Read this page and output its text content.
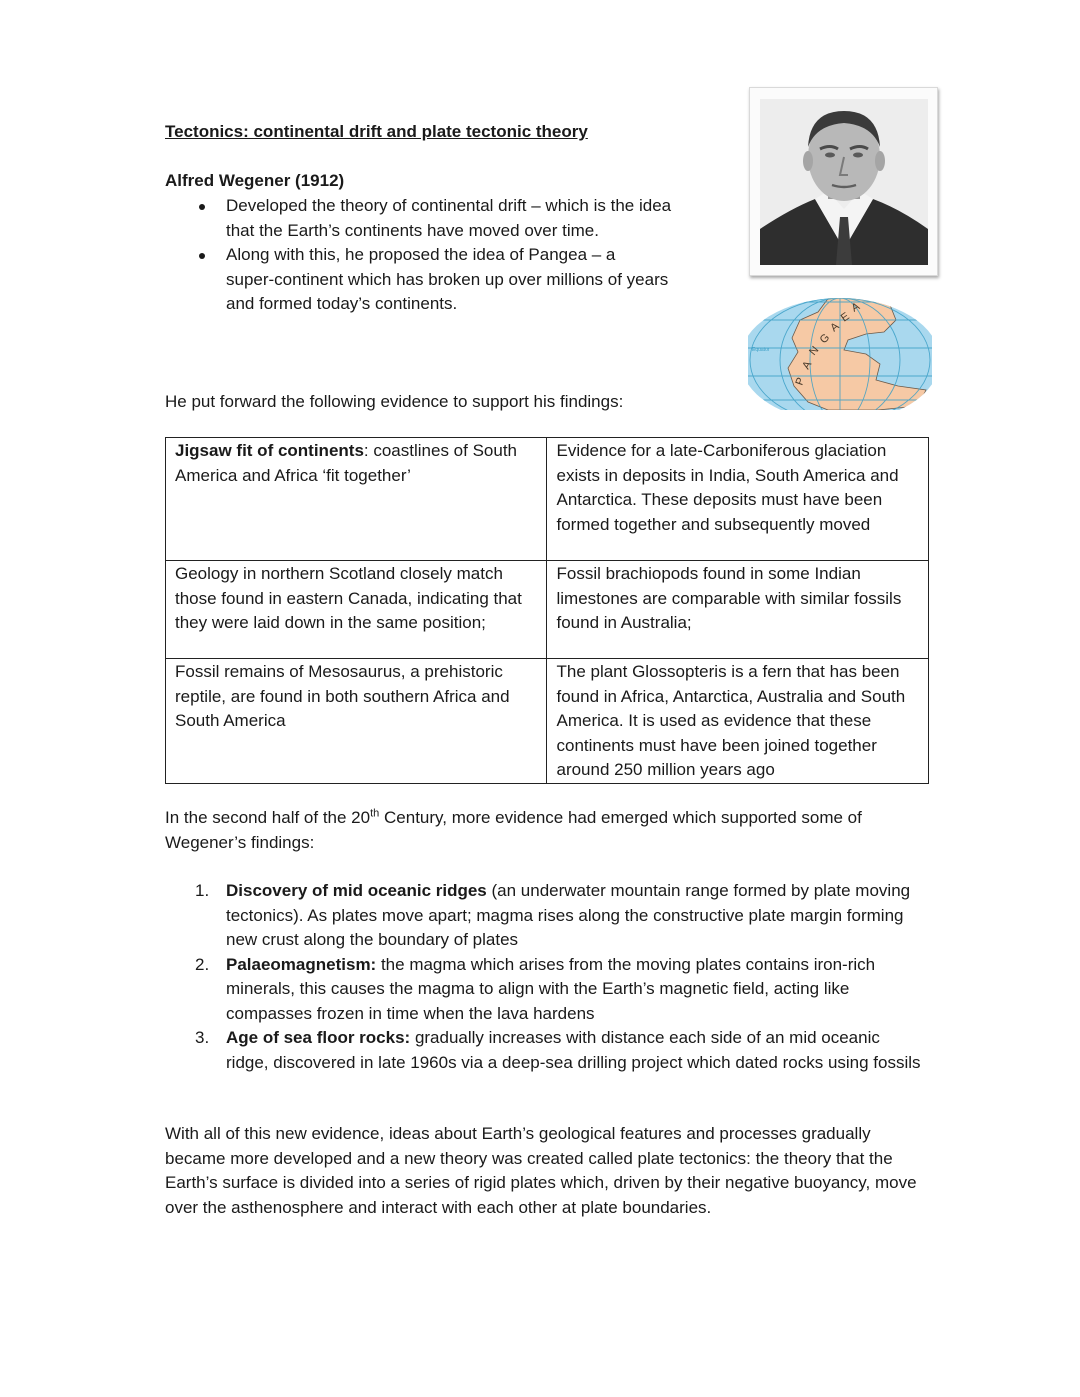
Tectonics: continental drift and plate tectonic theory
Alfred Wegener (1912)
Developed the theory of continental drift – which is the idea
that the Earth’s continents have moved over time.
Along with this, he proposed the idea of Pangea – a
super-continent which has broken up over millions of years
and formed today’s continents.
Equator
P
A
N
G
A
E
A
He put forward the following evidence to support his findings:
Jigsaw fit of continents: coastlines of South America and Africa ‘fit together’	Evidence for a late-Carboniferous glaciation exists in deposits in India, South America and Antarctica. These deposits must have been formed together and subsequently moved
Geology in northern Scotland closely match those found in eastern Canada, indicating that they were laid down in the same position;	Fossil brachiopods found in some Indian limestones are comparable with similar fossils found in Australia;
Fossil remains of Mesosaurus, a prehistoric reptile, are found in both southern Africa and South America	The plant Glossopteris is a fern that has been found in Africa, Antarctica, Australia and South America. It is used as evidence that these continents must have been joined together around 250 million years ago
In the second half of the 20th Century, more evidence had emerged which supported some of Wegener’s findings:
1. Discovery of mid oceanic ridges (an underwater mountain range formed by plate moving tectonics). As plates move apart; magma rises along the constructive plate margin forming new crust along the boundary of plates
2. Palaeomagnetism: the magma which arises from the moving plates contains iron-rich minerals, this causes the magma to align with the Earth’s magnetic field, acting like compasses frozen in time when the lava hardens
3. Age of sea floor rocks: gradually increases with distance each side of an mid oceanic ridge, discovered in late 1960s via a deep-sea drilling project which dated rocks using fossils
With all of this new evidence, ideas about Earth’s geological features and processes gradually became more developed and a new theory was created called plate tectonics: the theory that the Earth’s surface is divided into a series of rigid plates which, driven by their negative buoyancy, move over the asthenosphere and interact with each other at plate boundaries.
